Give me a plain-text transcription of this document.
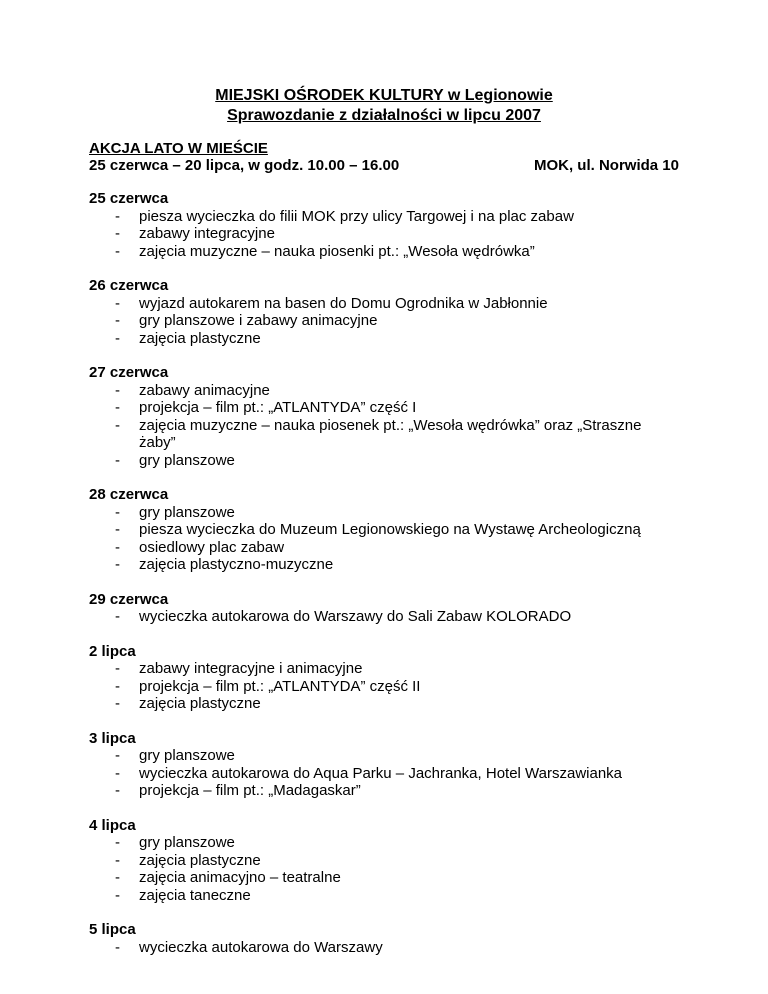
MIEJSKI OŚRODEK KULTURY w Legionowie
Sprawozdanie z działalności w lipcu 2007
AKCJA LATO W MIEŚCIE
25 czerwca – 20 lipca, w godz. 10.00 – 16.00	MOK, ul. Norwida 10
25 czerwca
-	piesza wycieczka do filii MOK przy ulicy Targowej i na plac zabaw
-	zabawy integracyjne
-	zajęcia muzyczne – nauka piosenki pt.: „Wesoła wędrówka”
26 czerwca
-	wyjazd autokarem na basen do Domu Ogrodnika w Jabłonnie
-	gry planszowe i zabawy animacyjne
-	zajęcia plastyczne
27 czerwca
-	zabawy animacyjne
-	projekcja – film pt.: „ATLANTYDA” część I
-	zajęcia muzyczne – nauka piosenek pt.: „Wesoła wędrówka” oraz „Straszne żaby”
-	gry planszowe
28 czerwca
-	gry planszowe
-	piesza wycieczka do Muzeum Legionowskiego na Wystawę Archeologiczną
-	osiedlowy plac zabaw
-	zajęcia plastyczno-muzyczne
29 czerwca
-	wycieczka autokarowa do Warszawy do Sali Zabaw KOLORADO
2 lipca
-	zabawy integracyjne i animacyjne
-	projekcja – film pt.: „ATLANTYDA” część II
-	zajęcia plastyczne
3 lipca
-	gry planszowe
-	wycieczka autokarowa do Aqua Parku – Jachranka, Hotel Warszawianka
-	projekcja – film pt.: „Madagaskar”
4 lipca
-	gry planszowe
-	zajęcia plastyczne
-	zajęcia animacyjno – teatralne
-	zajęcia taneczne
5 lipca
-	wycieczka autokarowa do Warszawy
